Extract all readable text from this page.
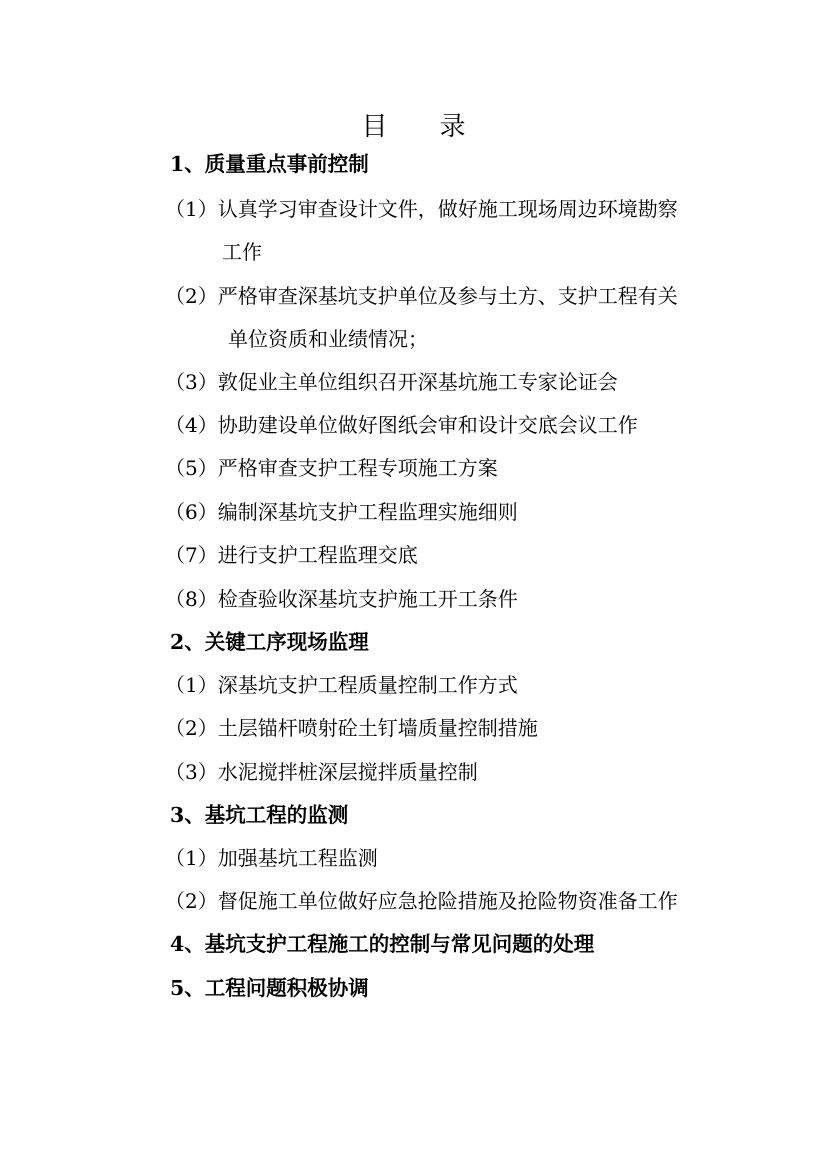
目 录
1、质量重点事前控制
（1）认真学习审查设计文件，做好施工现场周边环境勘察
工作
（2）严格审查深基坑支护单位及参与土方、支护工程有关
单位资质和业绩情况；
（3）敦促业主单位组织召开深基坑施工专家论证会
（4）协助建设单位做好图纸会审和设计交底会议工作
（5）严格审查支护工程专项施工方案
（6）编制深基坑支护工程监理实施细则
（7）进行支护工程监理交底
（8）检查验收深基坑支护施工开工条件
2、关键工序现场监理
（1）深基坑支护工程质量控制工作方式
（2）土层锚杆喷射砼土钉墙质量控制措施
（3）水泥搅拌桩深层搅拌质量控制
3、基坑工程的监测
（1）加强基坑工程监测
（2）督促施工单位做好应急抢险措施及抢险物资准备工作
4、基坑支护工程施工的控制与常见问题的处理
5、工程问题积极协调
